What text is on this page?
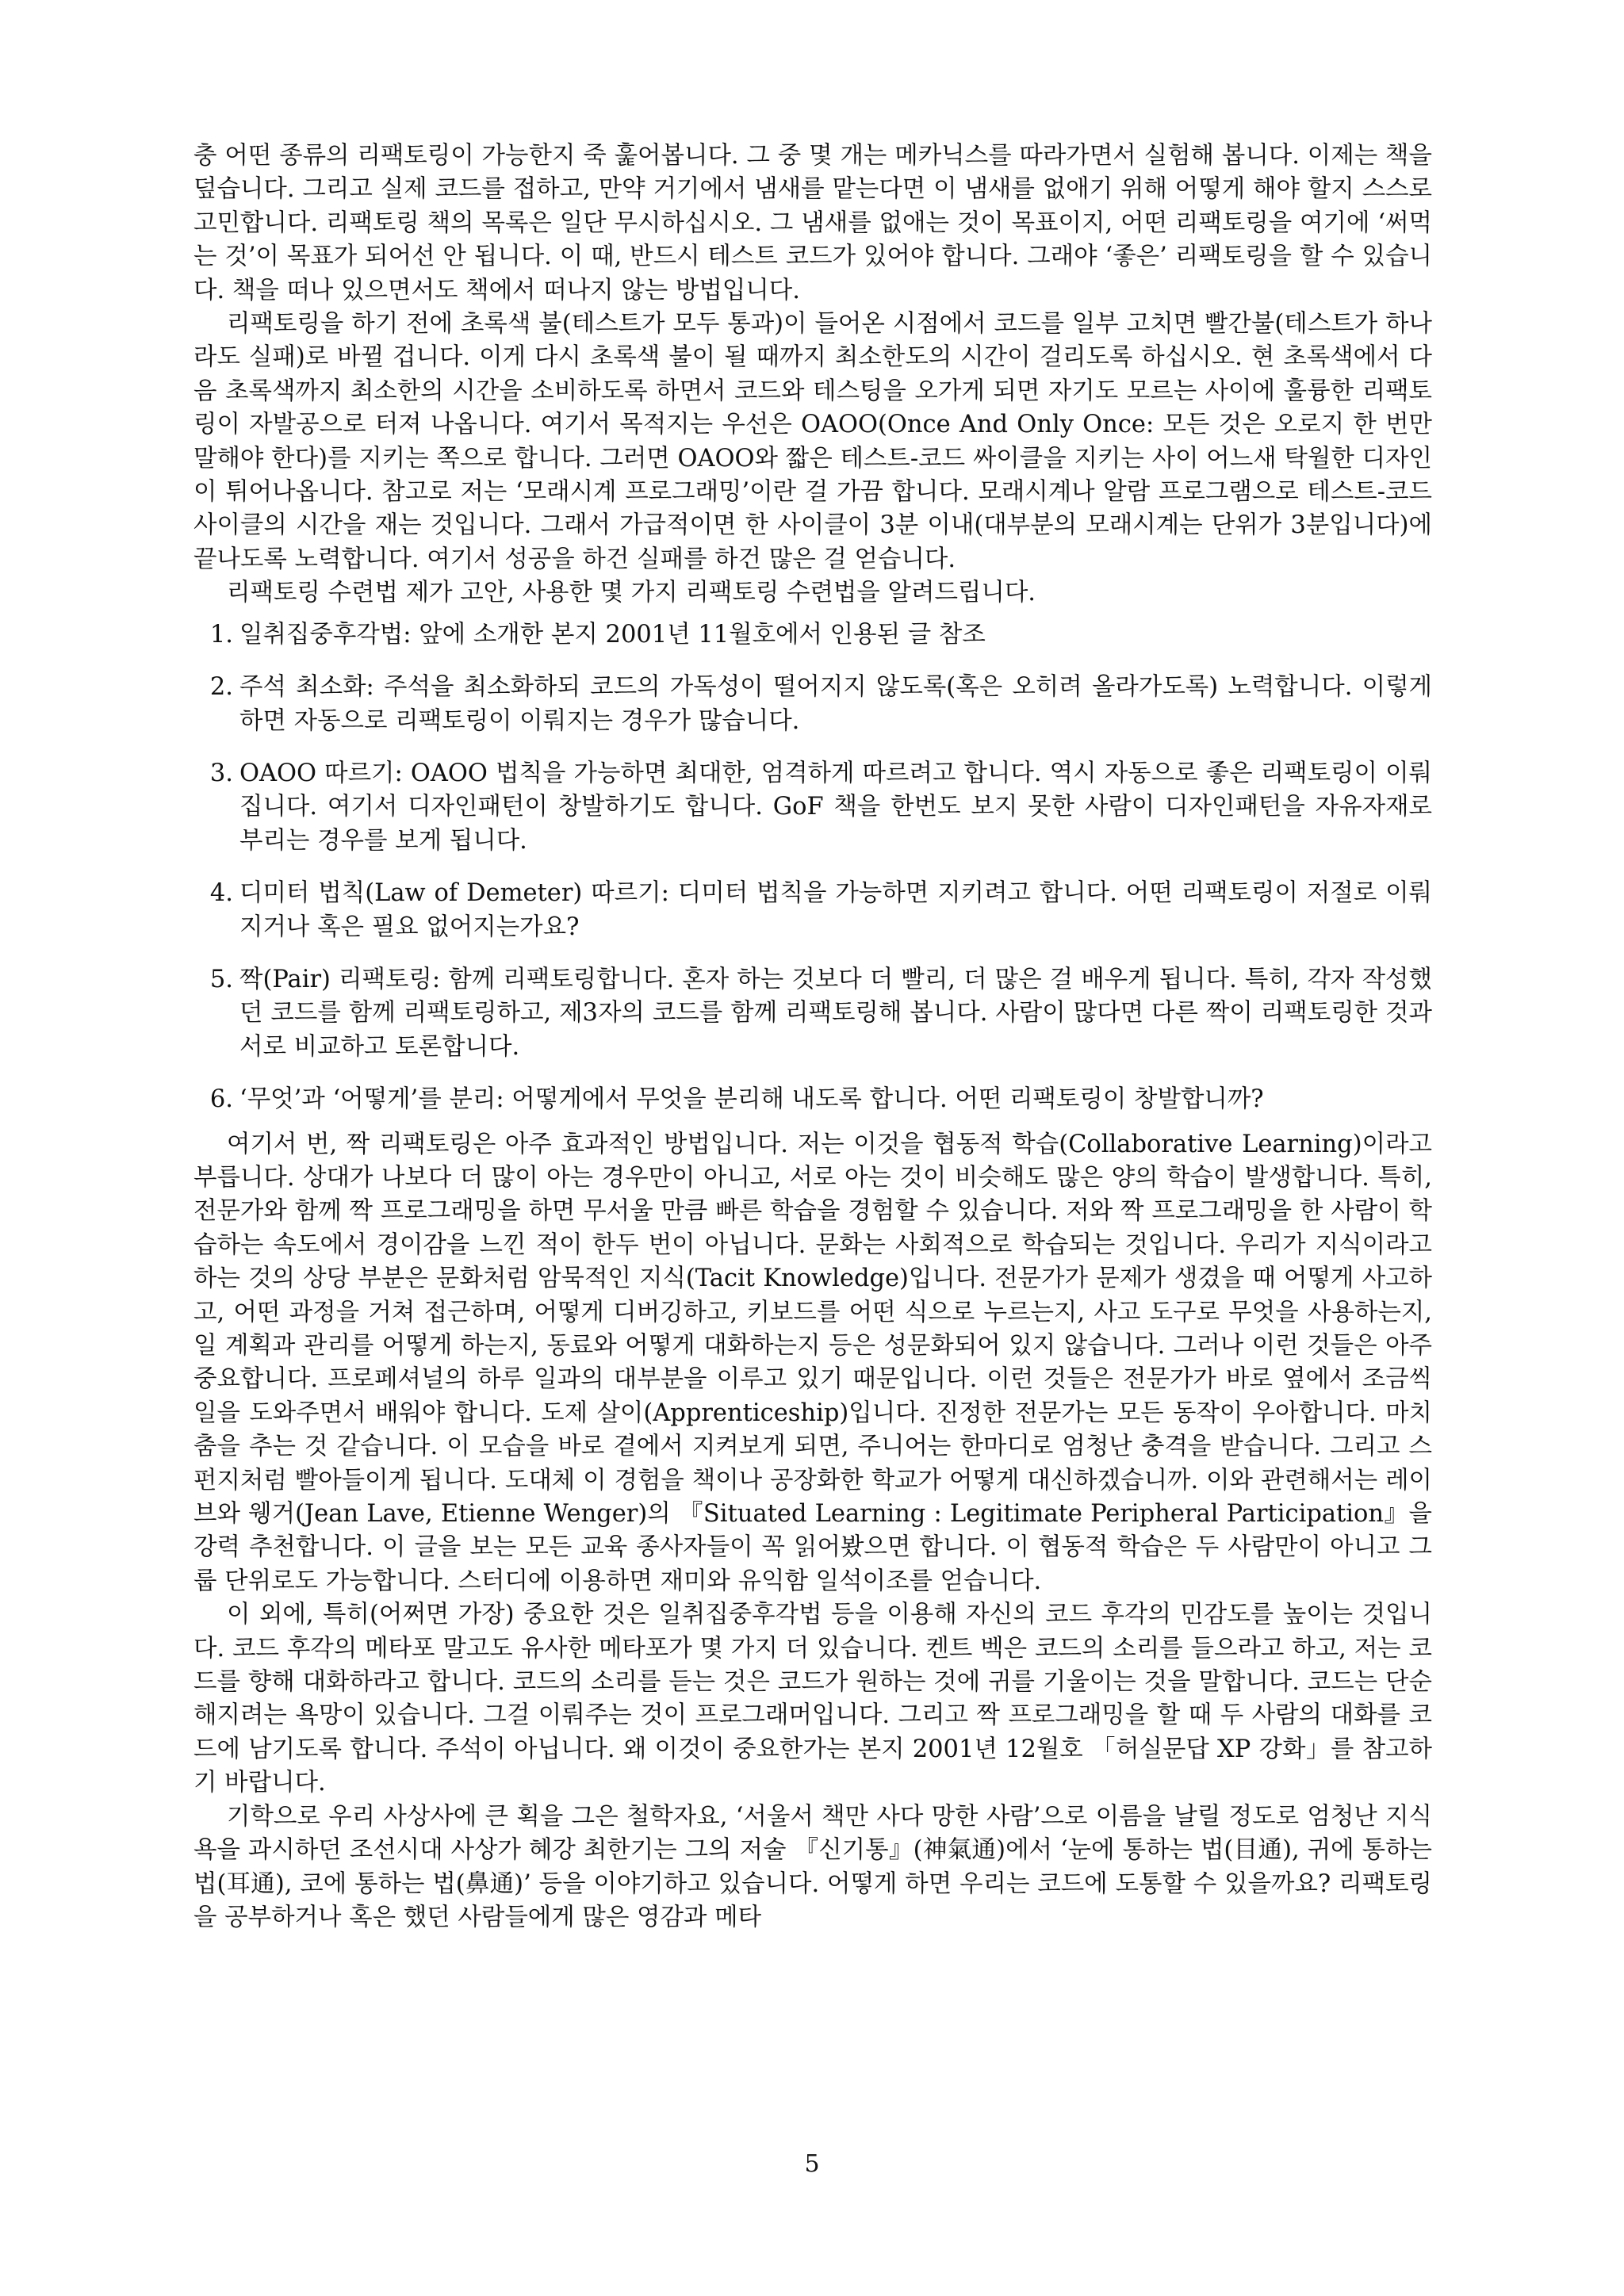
충 어떤 종류의 리팩토링이 가능한지 죽 훑어봅니다. 그 중 몇 개는 메카닉스를 따라가면서 실험해 봅니다. 이제는 책을 덮습니다. 그리고 실제 코드를 접하고, 만약 거기에서 냄새를 맡는다면 이 냄새를 없애기 위해 어떻게 해야 할지 스스로 고민합니다. 리팩토링 책의 목록은 일단 무시하십시오. 그 냄새를 없애는 것이 목표이지, 어떤 리팩토링을 여기에 ‘써먹는 것’이 목표가 되어선 안 됩니다. 이 때, 반드시 테스트 코드가 있어야 합니다. 그래야 ‘좋은’ 리팩토링을 할 수 있습니다. 책을 떠나 있으면서도 책에서 떠나지 않는 방법입니다.

리팩토링을 하기 전에 초록색 불(테스트가 모두 통과)이 들어온 시점에서 코드를 일부 고치면 빨간불(테스트가 하나라도 실패)로 바뀔 겁니다. 이게 다시 초록색 불이 될 때까지 최소한도의 시간이 걸리도록 하십시오. 현 초록색에서 다음 초록색까지 최소한의 시간을 소비하도록 하면서 코드와 테스팅을 오가게 되면 자기도 모르는 사이에 훌륭한 리팩토링이 자발공으로 터져 나옵니다. 여기서 목적지는 우선은 OAOO(Once And Only Once: 모든 것은 오로지 한 번만 말해야 한다)를 지키는 쪽으로 합니다. 그러면 OAOO와 짧은 테스트-코드 싸이클을 지키는 사이 어느새 탁월한 디자인이 튀어나옵니다. 참고로 저는 ‘모래시계 프로그래밍’이란 걸 가끔 합니다. 모래시계나 알람 프로그램으로 테스트-코드 사이클의 시간을 재는 것입니다. 그래서 가급적이면 한 사이클이 3분 이내(대부분의 모래시계는 단위가 3분입니다)에 끝나도록 노력합니다. 여기서 성공을 하건 실패를 하건 많은 걸 얻습니다.

리팩토링 수련법 제가 고안, 사용한 몇 가지 리팩토링 수련법을 알려드립니다.

1. 일취집중후각법: 앞에 소개한 본지 2001년 11월호에서 인용된 글 참조
2. 주석 최소화: 주석을 최소화하되 코드의 가독성이 떨어지지 않도록(혹은 오히려 올라가도록) 노력합니다. 이렇게 하면 자동으로 리팩토링이 이뤄지는 경우가 많습니다.
3. OAOO 따르기: OAOO 법칙을 가능하면 최대한, 엄격하게 따르려고 합니다. 역시 자동으로 좋은 리팩토링이 이뤄집니다. 여기서 디자인패턴이 창발하기도 합니다. GoF 책을 한번도 보지 못한 사람이 디자인패턴을 자유자재로 부리는 경우를 보게 됩니다.
4. 디미터 법칙(Law of Demeter) 따르기: 디미터 법칙을 가능하면 지키려고 합니다. 어떤 리팩토링이 저절로 이뤄지거나 혹은 필요 없어지는가요?
5. 짝(Pair) 리팩토링: 함께 리팩토링합니다. 혼자 하는 것보다 더 빨리, 더 많은 걸 배우게 됩니다. 특히, 각자 작성했던 코드를 함께 리팩토링하고, 제3자의 코드를 함께 리팩토링해 봅니다. 사람이 많다면 다른 짝이 리팩토링한 것과 서로 비교하고 토론합니다.
6. ‘무엇’과 ‘어떻게’를 분리: 어떻게에서 무엇을 분리해 내도록 합니다. 어떤 리팩토링이 창발합니까?

여기서 번, 짝 리팩토링은 아주 효과적인 방법입니다. 저는 이것을 협동적 학습(Collaborative Learning)이라고 부릅니다. 상대가 나보다 더 많이 아는 경우만이 아니고, 서로 아는 것이 비슷해도 많은 양의 학습이 발생합니다. 특히, 전문가와 함께 짝 프로그래밍을 하면 무서울 만큼 빠른 학습을 경험할 수 있습니다. 저와 짝 프로그래밍을 한 사람이 학습하는 속도에서 경이감을 느낀 적이 한두 번이 아닙니다. 문화는 사회적으로 학습되는 것입니다. 우리가 지식이라고 하는 것의 상당 부분은 문화처럼 암묵적인 지식(Tacit Knowledge)입니다. 전문가가 문제가 생겼을 때 어떻게 사고하고, 어떤 과정을 거쳐 접근하며, 어떻게 디버깅하고, 키보드를 어떤 식으로 누르는지, 사고 도구로 무엇을 사용하는지, 일 계획과 관리를 어떻게 하는지, 동료와 어떻게 대화하는지 등은 성문화되어 있지 않습니다. 그러나 이런 것들은 아주 중요합니다. 프로페셔널의 하루 일과의 대부분을 이루고 있기 때문입니다. 이런 것들은 전문가가 바로 옆에서 조금씩 일을 도와주면서 배워야 합니다. 도제 살이(Apprenticeship)입니다. 진정한 전문가는 모든 동작이 우아합니다. 마치 춤을 추는 것 같습니다. 이 모습을 바로 곁에서 지켜보게 되면, 주니어는 한마디로 엄청난 충격을 받습니다. 그리고 스펀지처럼 빨아들이게 됩니다. 도대체 이 경험을 책이나 공장화한 학교가 어떻게 대신하겠습니까. 이와 관련해서는 레이브와 웽거(Jean Lave, Etienne Wenger)의 『Situated Learning : Legitimate Peripheral Participation』을 강력 추천합니다. 이 글을 보는 모든 교육 종사자들이 꼭 읽어봤으면 합니다. 이 협동적 학습은 두 사람만이 아니고 그룹 단위로도 가능합니다. 스터디에 이용하면 재미와 유익함 일석이조를 얻습니다.

이 외에, 특히(어쩌면 가장) 중요한 것은 일취집중후각법 등을 이용해 자신의 코드 후각의 민감도를 높이는 것입니다. 코드 후각의 메타포 말고도 유사한 메타포가 몇 가지 더 있습니다. 켄트 벡은 코드의 소리를 들으라고 하고, 저는 코드를 향해 대화하라고 합니다. 코드의 소리를 듣는 것은 코드가 원하는 것에 귀를 기울이는 것을 말합니다. 코드는 단순해지려는 욕망이 있습니다. 그걸 이뤄주는 것이 프로그래머입니다. 그리고 짝 프로그래밍을 할 때 두 사람의 대화를 코드에 남기도록 합니다. 주석이 아닙니다. 왜 이것이 중요한가는 본지 2001년 12월호 「허실문답 XP 강화」를 참고하기 바랍니다.

기학으로 우리 사상사에 큰 획을 그은 철학자요, ‘서울서 책만 사다 망한 사람’으로 이름을 날릴 정도로 엄청난 지식욕을 과시하던 조선시대 사상가 혜강 최한기는 그의 저술 『신기통』(神氣通)에서 ‘눈에 통하는 법(目通), 귀에 통하는 법(耳通), 코에 통하는 법(鼻通)’ 등을 이야기하고 있습니다. 어떻게 하면 우리는 코드에 도통할 수 있을까요? 리팩토링을 공부하거나 혹은 했던 사람들에게 많은 영감과 메타

5
